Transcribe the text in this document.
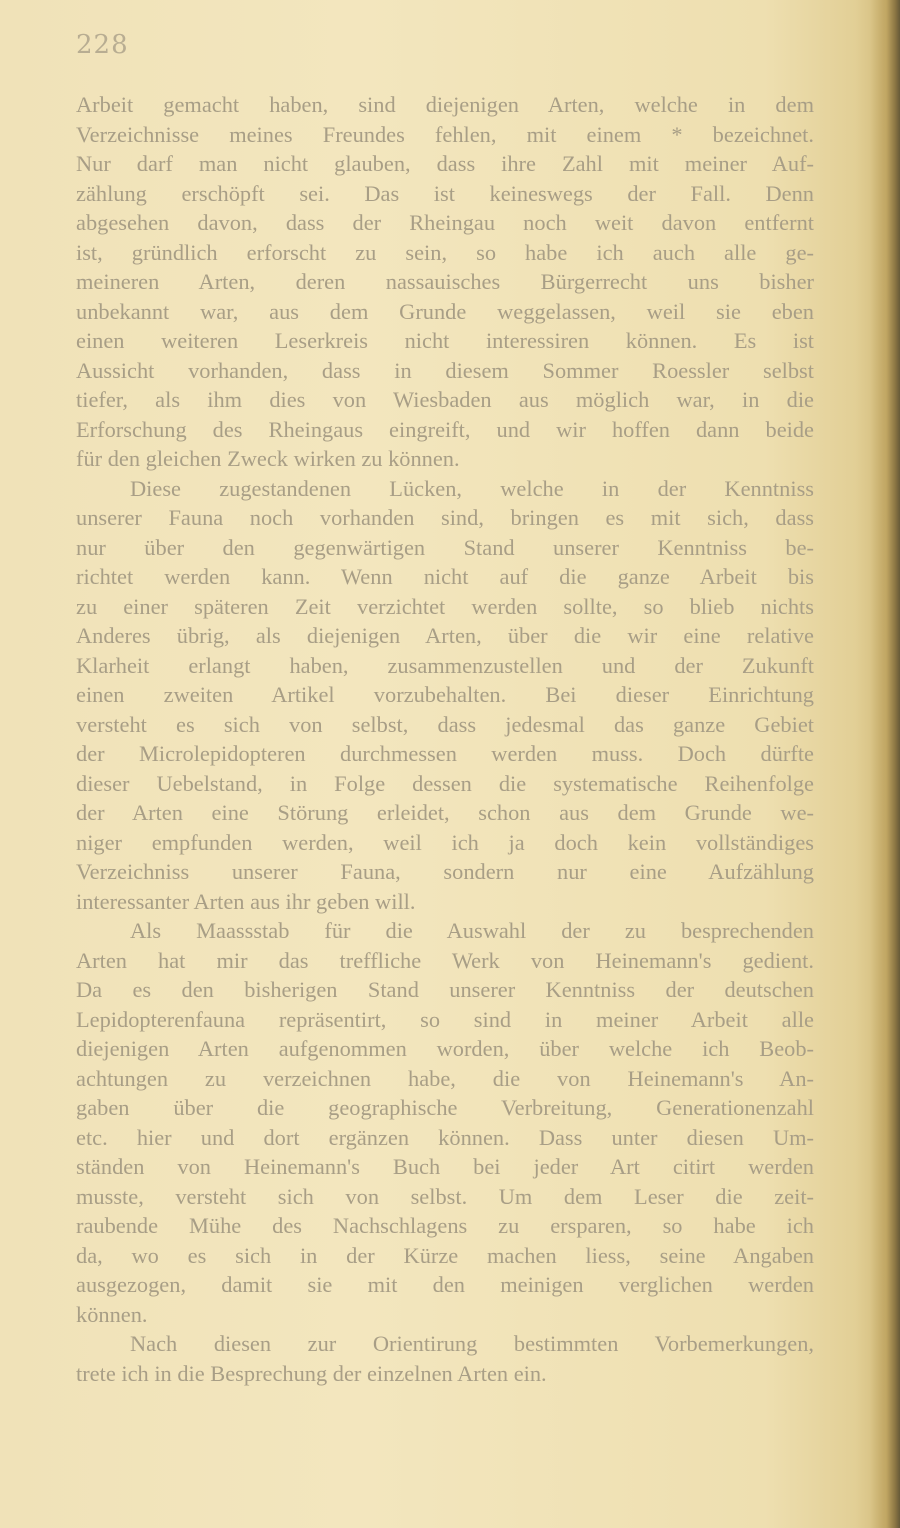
228
Arbeit gemacht haben, sind diejenigen Arten, welche in dem
Verzeichnisse meines Freundes fehlen, mit einem * bezeichnet.
Nur darf man nicht glauben, dass ihre Zahl mit meiner Auf-
zählung erschöpft sei. Das ist keineswegs der Fall. Denn
abgesehen davon, dass der Rheingau noch weit davon entfernt
ist, gründlich erforscht zu sein, so habe ich auch alle ge-
meineren Arten, deren nassauisches Bürgerrecht uns bisher
unbekannt war, aus dem Grunde weggelassen, weil sie eben
einen weiteren Leserkreis nicht interessiren können. Es ist
Aussicht vorhanden, dass in diesem Sommer Roessler selbst
tiefer, als ihm dies von Wiesbaden aus möglich war, in die
Erforschung des Rheingaus eingreift, und wir hoffen dann beide
für den gleichen Zweck wirken zu können.
Diese zugestandenen Lücken, welche in der Kenntniss
unserer Fauna noch vorhanden sind, bringen es mit sich, dass
nur über den gegenwärtigen Stand unserer Kenntniss be-
richtet werden kann. Wenn nicht auf die ganze Arbeit bis
zu einer späteren Zeit verzichtet werden sollte, so blieb nichts
Anderes übrig, als diejenigen Arten, über die wir eine relative
Klarheit erlangt haben, zusammenzustellen und der Zukunft
einen zweiten Artikel vorzubehalten. Bei dieser Einrichtung
versteht es sich von selbst, dass jedesmal das ganze Gebiet
der Microlepidopteren durchmessen werden muss. Doch dürfte
dieser Uebelstand, in Folge dessen die systematische Reihenfolge
der Arten eine Störung erleidet, schon aus dem Grunde we-
niger empfunden werden, weil ich ja doch kein vollständiges
Verzeichniss unserer Fauna, sondern nur eine Aufzählung
interessanter Arten aus ihr geben will.
Als Maassstab für die Auswahl der zu besprechenden
Arten hat mir das treffliche Werk von Heinemann's gedient.
Da es den bisherigen Stand unserer Kenntniss der deutschen
Lepidopterenfauna repräsentirt, so sind in meiner Arbeit alle
diejenigen Arten aufgenommen worden, über welche ich Beob-
achtungen zu verzeichnen habe, die von Heinemann's An-
gaben über die geographische Verbreitung, Generationenzahl
etc. hier und dort ergänzen können. Dass unter diesen Um-
ständen von Heinemann's Buch bei jeder Art citirt werden
musste, versteht sich von selbst. Um dem Leser die zeit-
raubende Mühe des Nachschlagens zu ersparen, so habe ich
da, wo es sich in der Kürze machen liess, seine Angaben
ausgezogen, damit sie mit den meinigen verglichen werden
können.
Nach diesen zur Orientirung bestimmten Vorbemerkungen,
trete ich in die Besprechung der einzelnen Arten ein.
